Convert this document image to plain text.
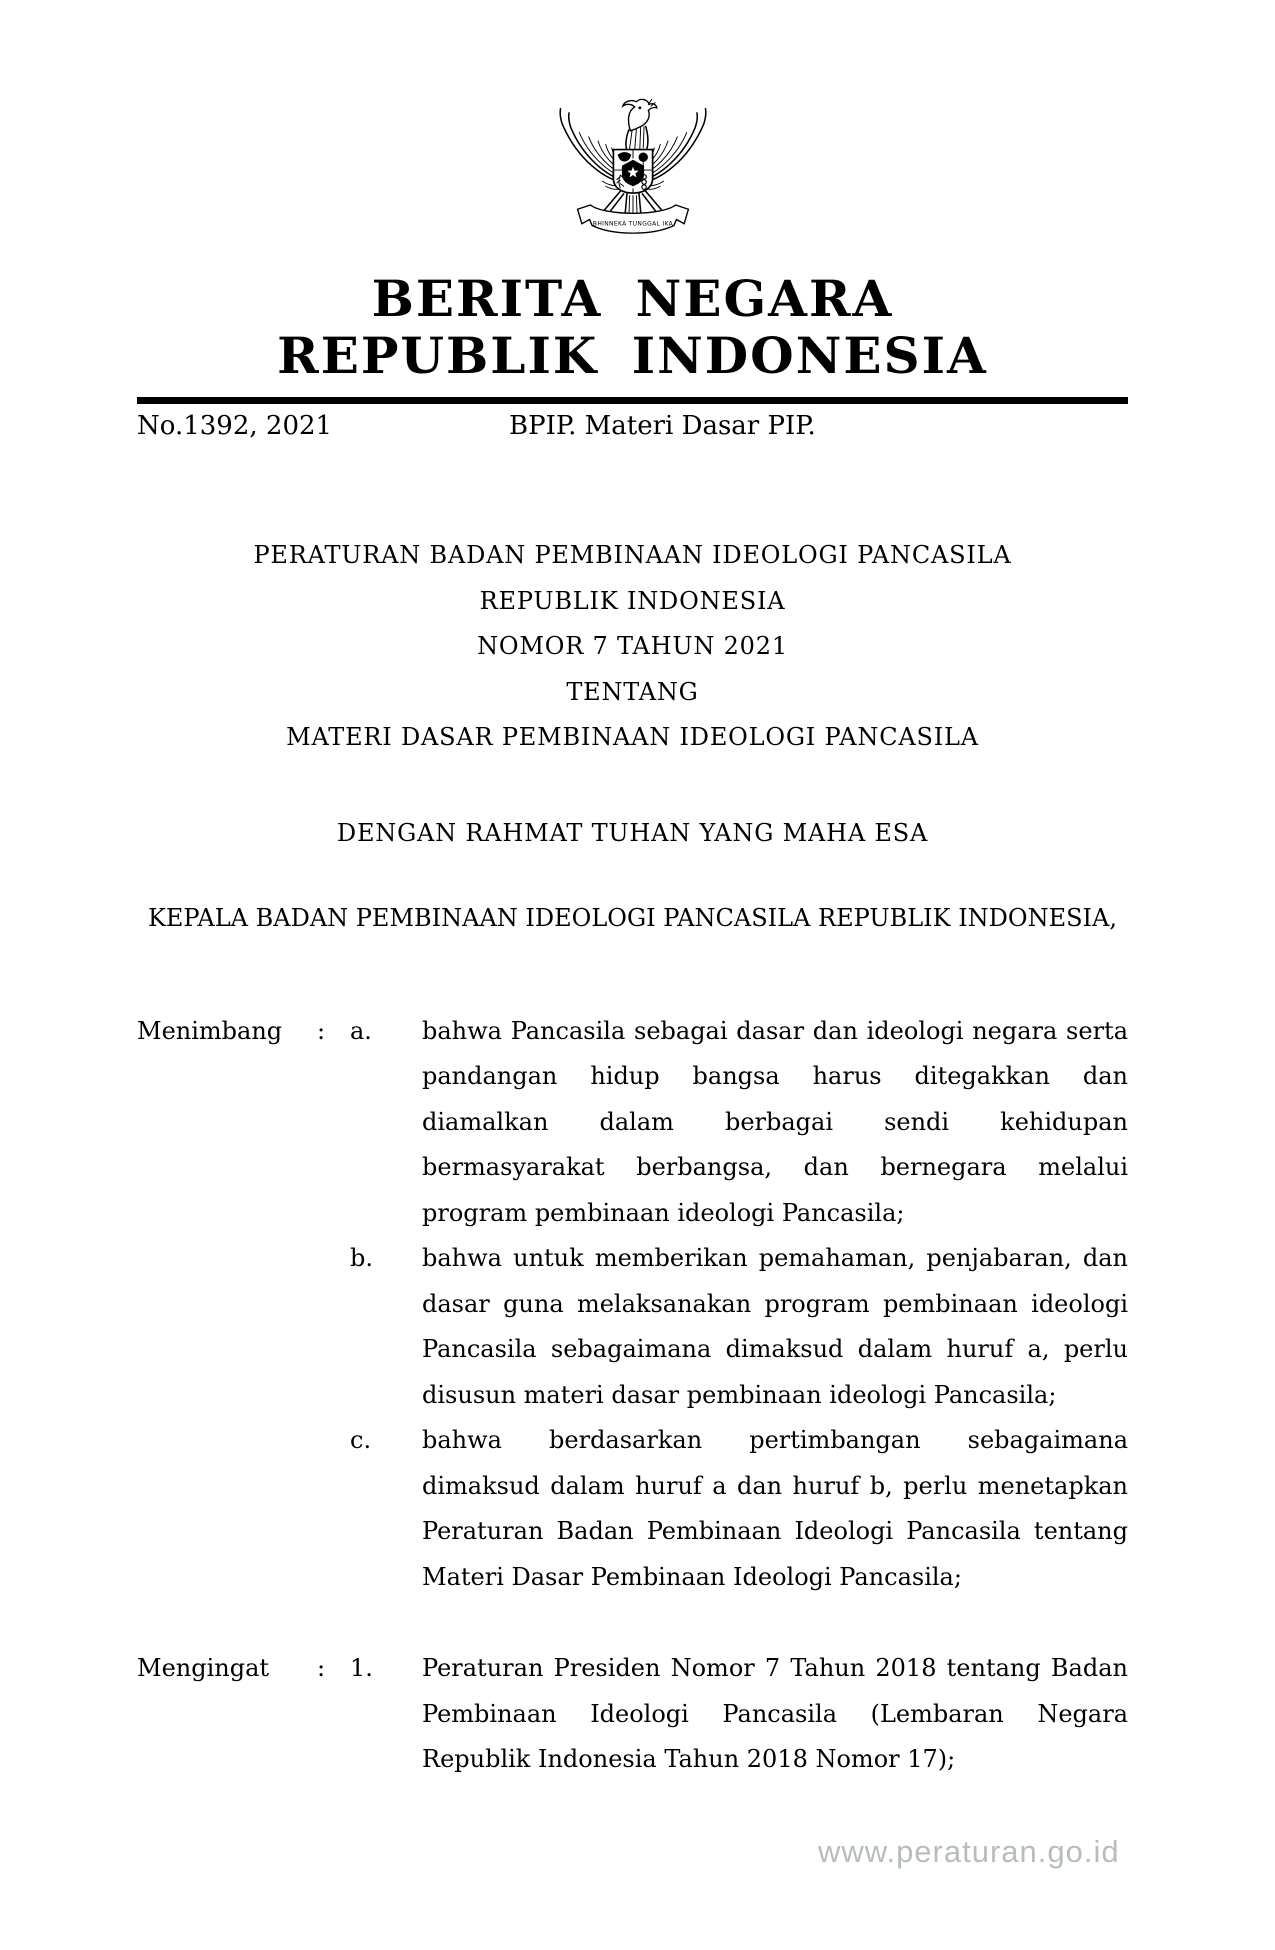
BHINNEKA TUNGGAL IKA
BERITA NEGARA
REPUBLIK INDONESIA
No.1392, 2021	BPIP. Materi Dasar PIP.
PERATURAN BADAN PEMBINAAN IDEOLOGI PANCASILA
REPUBLIK INDONESIA
NOMOR 7 TAHUN 2021
TENTANG
MATERI DASAR PEMBINAAN IDEOLOGI PANCASILA
DENGAN RAHMAT TUHAN YANG MAHA ESA
KEPALA BADAN PEMBINAAN IDEOLOGI PANCASILA REPUBLIK INDONESIA,
Menimbang	:	a.	bahwa Pancasila sebagai dasar dan ideologi negara serta
pandangan hidup bangsa harus ditegakkan dan
diamalkan dalam berbagai sendi kehidupan
bermasyarakat berbangsa, dan bernegara melalui
program pembinaan ideologi Pancasila;
b.	bahwa untuk memberikan pemahaman, penjabaran, dan
dasar guna melaksanakan program pembinaan ideologi
Pancasila sebagaimana dimaksud dalam huruf a, perlu
disusun materi dasar pembinaan ideologi Pancasila;
c.	bahwa berdasarkan pertimbangan sebagaimana
dimaksud dalam huruf a dan huruf b, perlu menetapkan
Peraturan Badan Pembinaan Ideologi Pancasila tentang
Materi Dasar Pembinaan Ideologi Pancasila;
Mengingat	:	1.	Peraturan Presiden Nomor 7 Tahun 2018 tentang Badan
Pembinaan Ideologi Pancasila (Lembaran Negara
Republik Indonesia Tahun 2018 Nomor 17);
www.peraturan.go.id
